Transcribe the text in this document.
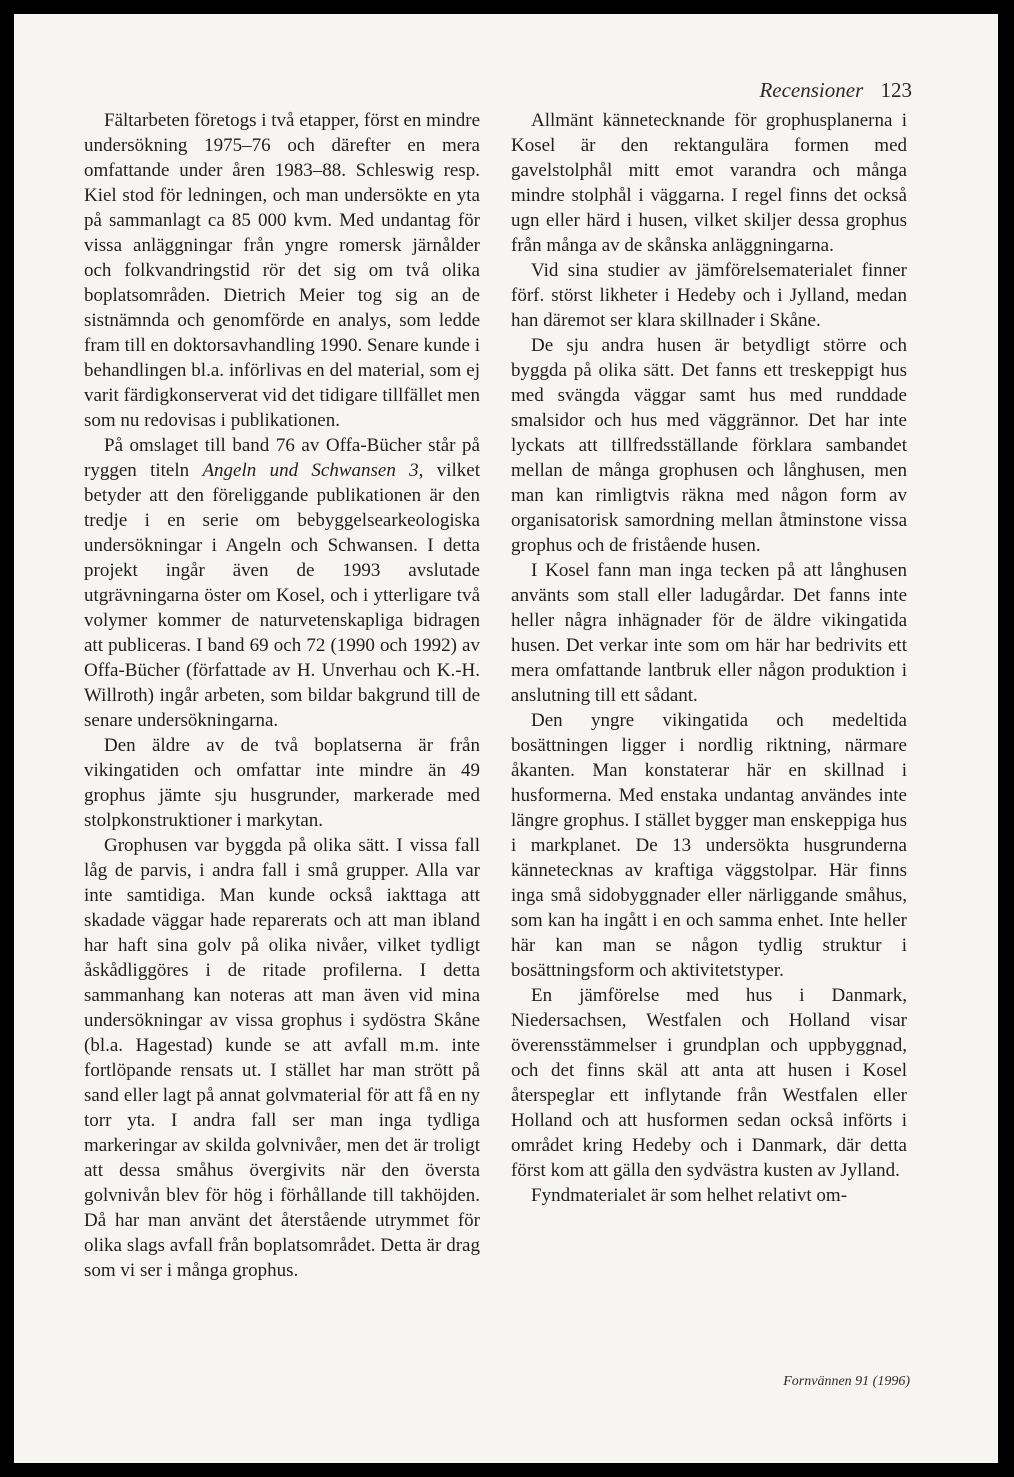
Recensioner 123

Fältarbeten företogs i två etapper, först en mindre undersökning 1975–76 och därefter en mera omfattande under åren 1983–88. Schleswig resp. Kiel stod för ledningen, och man undersökte en yta på sammanlagt ca 85 000 kvm. Med undantag för vissa anläggningar från yngre romersk järnålder och folkvandringstid rör det sig om två olika boplatsområden. Dietrich Meier tog sig an de sistnämnda och genomförde en analys, som ledde fram till en doktorsavhandling 1990. Senare kunde i behandlingen bl.a. införlivas en del material, som ej varit färdigkonserverat vid det tidigare tillfället men som nu redovisas i publikationen.

På omslaget till band 76 av Offa-Bücher står på ryggen titeln Angeln und Schwansen 3, vilket betyder att den föreliggande publikationen är den tredje i en serie om bebyggelsearkeologiska undersökningar i Angeln och Schwansen. I detta projekt ingår även de 1993 avslutade utgrävningarna öster om Kosel, och i ytterligare två volymer kommer de naturvetenskapliga bidragen att publiceras. I band 69 och 72 (1990 och 1992) av Offa-Bücher (författade av H. Unverhau och K.-H. Willroth) ingår arbeten, som bildar bakgrund till de senare undersökningarna.

Den äldre av de två boplatserna är från vikingatiden och omfattar inte mindre än 49 grophus jämte sju husgrunder, markerade med stolpkonstruktioner i markytan.

Grophusen var byggda på olika sätt. I vissa fall låg de parvis, i andra fall i små grupper. Alla var inte samtidiga. Man kunde också iakttaga att skadade väggar hade reparerats och att man ibland har haft sina golv på olika nivåer, vilket tydligt åskådliggöres i de ritade profilerna. I detta sammanhang kan noteras att man även vid mina undersökningar av vissa grophus i sydöstra Skåne (bl.a. Hagestad) kunde se att avfall m.m. inte fortlöpande rensats ut. I stället har man strött på sand eller lagt på annat golvmaterial för att få en ny torr yta. I andra fall ser man inga tydliga markeringar av skilda golvnivåer, men det är troligt att dessa småhus övergivits när den översta golvnivån blev för hög i förhållande till takhöjden. Då har man använt det återstående utrymmet för olika slags avfall från boplatsområdet. Detta är drag som vi ser i många grophus.

Allmänt kännetecknande för grophusplanerna i Kosel är den rektangulära formen med gavelstolphål mitt emot varandra och många mindre stolphål i väggarna. I regel finns det också ugn eller härd i husen, vilket skiljer dessa grophus från många av de skånska anläggningarna.

Vid sina studier av jämförelsematerialet finner förf. störst likheter i Hedeby och i Jylland, medan han däremot ser klara skillnader i Skåne.

De sju andra husen är betydligt större och byggda på olika sätt. Det fanns ett treskeppigt hus med svängda väggar samt hus med runddade smalsidor och hus med väggrännor. Det har inte lyckats att tillfredsställande förklara sambandet mellan de många grophusen och långhusen, men man kan rimligtvis räkna med någon form av organisatorisk samordning mellan åtminstone vissa grophus och de fristående husen.

I Kosel fann man inga tecken på att långhusen använts som stall eller ladugårdar. Det fanns inte heller några inhägnader för de äldre vikingatida husen. Det verkar inte som om här har bedrivits ett mera omfattande lantbruk eller någon produktion i anslutning till ett sådant.

Den yngre vikingatida och medeltida bosättningen ligger i nordlig riktning, närmare åkanten. Man konstaterar här en skillnad i husformerna. Med enstaka undantag användes inte längre grophus. I stället bygger man enskeppiga hus i markplanet. De 13 undersökta husgrunderna kännetecknas av kraftiga väggstolpar. Här finns inga små sidobyggnader eller närliggande småhus, som kan ha ingått i en och samma enhet. Inte heller här kan man se någon tydlig struktur i bosättningsform och aktivitetstyper.

En jämförelse med hus i Danmark, Niedersachsen, Westfalen och Holland visar överensstämmelser i grundplan och uppbyggnad, och det finns skäl att anta att husen i Kosel återspeglar ett inflytande från Westfalen eller Holland och att husformen sedan också införts i området kring Hedeby och i Danmark, där detta först kom att gälla den sydvästra kusten av Jylland.

Fyndmaterialet är som helhet relativt om-

Fornvännen 91 (1996)
